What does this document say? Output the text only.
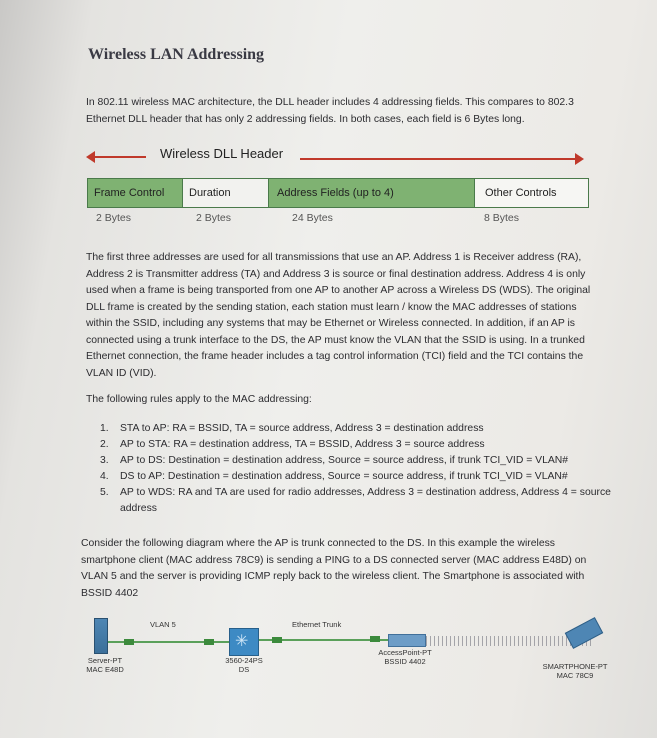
Wireless LAN Addressing
In 802.11 wireless MAC architecture, the DLL header includes 4 addressing fields. This compares to 802.3 Ethernet DLL header that has only 2 addressing fields. In both cases, each field is 6 Bytes long.
Wireless DLL Header
Frame Control	Duration	Address Fields (up to 4)	Other Controls
2 Bytes	2 Bytes	24 Bytes	8 Bytes
The first three addresses are used for all transmissions that use an AP. Address 1 is Receiver address (RA), Address 2 is Transmitter address (TA) and Address 3 is source or final destination address. Address 4 is only used when a frame is being transported from one AP to another AP across a Wireless DS (WDS). The original DLL frame is created by the sending station, each station must learn / know the MAC addresses of stations within the SSID, including any systems that may be Ethernet or Wireless connected. In addition, if an AP is connected using a trunk interface to the DS, the AP must know the VLAN that the SSID is using. In a trunked Ethernet connection, the frame header includes a tag control information (TCI) field and the TCI contains the VLAN ID (VID).
The following rules apply to the MAC addressing:
1. STA to AP: RA = BSSID, TA = source address, Address 3 = destination address
2. AP to STA: RA = destination address, TA = BSSID, Address 3 = source address
3. AP to DS: Destination = destination address, Source = source address, if trunk TCI_VID = VLAN#
4. DS to AP: Destination = destination address, Source = source address, if trunk TCI_VID = VLAN#
5. AP to WDS: RA and TA are used for radio addresses, Address 3 = destination address, Address 4 = source address
Consider the following diagram where the AP is trunk connected to the DS. In this example the wireless smartphone client (MAC address 78C9) is sending a PING to a DS connected server (MAC address E48D) on VLAN 5 and the server is providing ICMP reply back to the wireless client. The Smartphone is associated with BSSID 4402
✳
VLAN 5	Ethernet Trunk
Server-PT
MAC E48D
3560-24PS
DS
AccessPoint-PT
BSSID 4402
SMARTPHONE-PT
MAC 78C9
